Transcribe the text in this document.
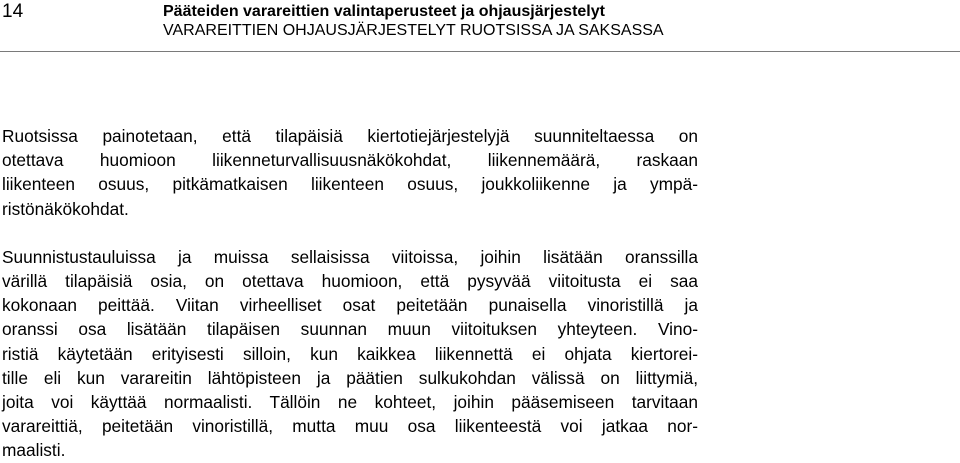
14	Pääteiden varareittien valintaperusteet ja ohjausjärjestelyt
VARAREITTIEN OHJAUSJÄRJESTELYT RUOTSISSA JA SAKSASSA

Ruotsissa painotetaan, että tilapäisiä kiertotiejärjestelyjä suunniteltaessa on
otettava huomioon liikenneturvallisuusnäkökohdat, liikennemäärä, raskaan
liikenteen osuus, pitkämatkaisen liikenteen osuus, joukkoliikenne ja ympä-
ristönäkökohdat.

Suunnistustauluissa ja muissa sellaisissa viitoissa, joihin lisätään oranssilla
värillä tilapäisiä osia, on otettava huomioon, että pysyvää viitoitusta ei saa
kokonaan peittää. Viitan virheelliset osat peitetään punaisella vinoristillä ja
oranssi osa lisätään tilapäisen suunnan muun viitoituksen yhteyteen. Vino-
ristiä käytetään erityisesti silloin, kun kaikkea liikennettä ei ohjata kiertorei-
tille eli kun varareitin lähtöpisteen ja päätien sulkukohdan välissä on liittymiä,
joita voi käyttää normaalisti. Tällöin ne kohteet, joihin pääsemiseen tarvitaan
varareittiä, peitetään vinoristillä, mutta muu osa liikenteestä voi jatkaa nor-
maalisti.
